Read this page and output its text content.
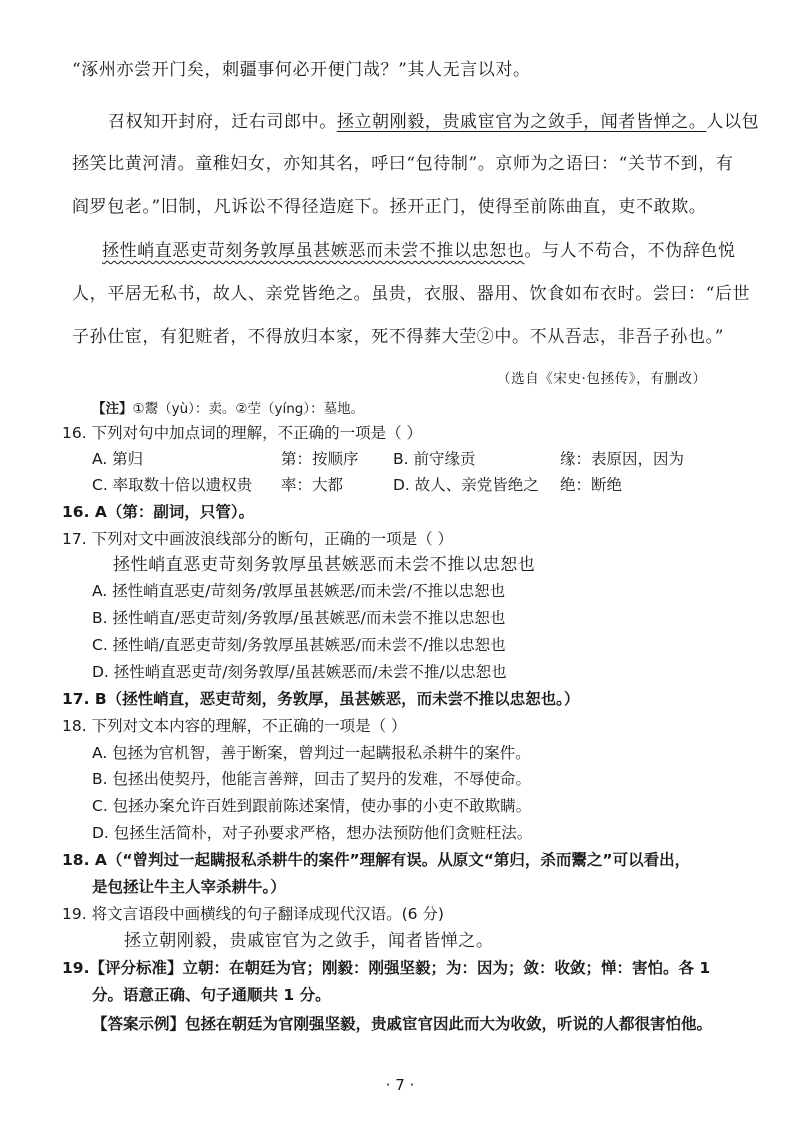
“涿州亦尝开门矣，刺疆事何必开便门哉？”其人无言以对。
召权知开封府，迁右司郎中。拯立朝刚毅，贵戚宦官为之敛手，闻者皆惮之。人以包
拯笑比黄河清。童稚妇女，亦知其名，呼曰“包待制”。京师为之语曰：“关节不到，有
阎罗包老。”旧制，凡诉讼不得径造庭下。拯开正门，使得至前陈曲直，吏不敢欺。
拯性峭直恶吏苛刻务敦厚虽甚嫉恶而未尝不推以忠恕也。与人不苟合，不伪辞色悦
人，平居无私书，故人、亲党皆绝之。虽贵，衣服、器用、饮食如布衣时。尝曰：“后世
子孙仕宦，有犯赃者，不得放归本家，死不得葬大茔②中。不从吾志，非吾子孙也。”
（选自《宋史·包拯传》，有删改）
【注】①鬻（yù）：卖。②茔（yíng）：墓地。
16. 下列对句中加点词的理解，不正确的一项是（ ）
A. 第归	第：按顺序 B. 前守缘贡	缘：表原因，因为
C. 率取数十倍以遗权贵 率：大都	D. 故人、亲党皆绝之 绝：断绝
16. A（第：副词，只管）。
17. 下列对文中画波浪线部分的断句，正确的一项是（ ）
拯性峭直恶吏苛刻务敦厚虽甚嫉恶而未尝不推以忠恕也
A. 拯性峭直恶吏/苛刻务/敦厚虽甚嫉恶/而未尝/不推以忠恕也
B. 拯性峭直/恶吏苛刻/务敦厚/虽甚嫉恶/而未尝不推以忠恕也
C. 拯性峭/直恶吏苛刻/务敦厚虽甚嫉恶/而未尝不/推以忠恕也
D. 拯性峭直恶吏苛/刻务敦厚/虽甚嫉恶而/未尝不推/以忠恕也
17. B（拯性峭直，恶吏苛刻，务敦厚，虽甚嫉恶，而未尝不推以忠恕也。）
18. 下列对文本内容的理解，不正确的一项是（ ）
A. 包拯为官机智，善于断案，曾判过一起瞒报私杀耕牛的案件。
B. 包拯出使契丹，他能言善辩，回击了契丹的发难，不辱使命。
C. 包拯办案允许百姓到跟前陈述案情，使办事的小吏不敢欺瞒。
D. 包拯生活简朴，对子孙要求严格，想办法预防他们贪赃枉法。
18. A（“曾判过一起瞒报私杀耕牛的案件”理解有误。从原文“第归，杀而鬻之”可以看出，
是包拯让牛主人宰杀耕牛。）
19. 将文言语段中画横线的句子翻译成现代汉语。(6 分)
拯立朝刚毅，贵戚宦官为之敛手，闻者皆惮之。
19.【评分标准】立朝：在朝廷为官；刚毅：刚强坚毅；为：因为；敛：收敛；惮：害怕。各 1
分。语意正确、句子通顺共 1 分。
【答案示例】包拯在朝廷为官刚强坚毅，贵戚宦官因此而大为收敛，听说的人都很害怕他。
· 7 ·
